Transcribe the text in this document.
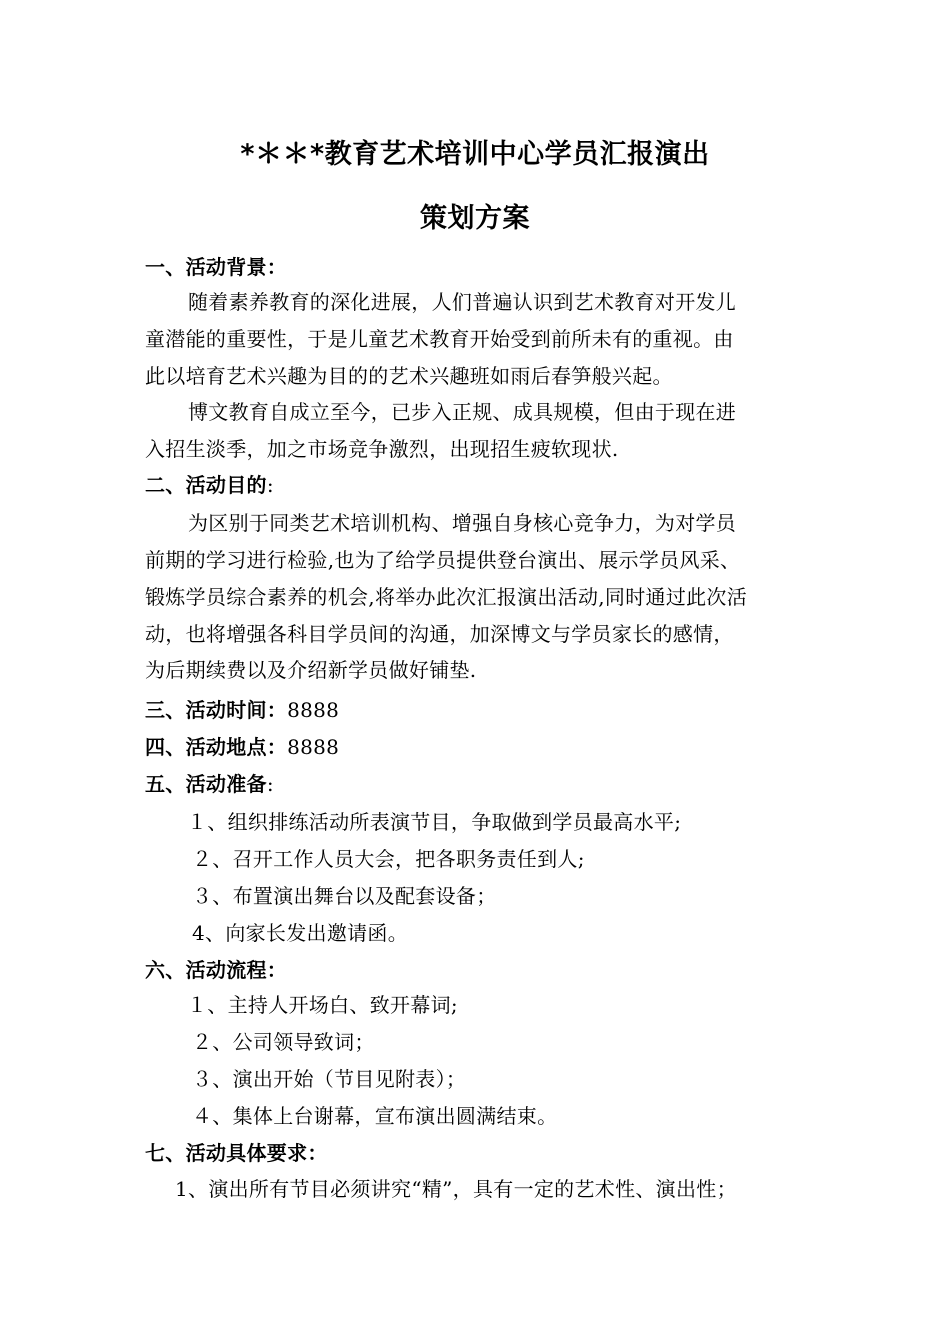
*＊＊*教育艺术培训中心学员汇报演出
策划方案
一、活动背景：
随着素养教育的深化进展，人们普遍认识到艺术教育对开发儿
童潜能的重要性，于是儿童艺术教育开始受到前所未有的重视。由
此以培育艺术兴趣为目的的艺术兴趣班如雨后春笋般兴起。
博文教育自成立至今，已步入正规、成具规模，但由于现在进
入招生淡季，加之市场竞争激烈，出现招生疲软现状.
二、活动目的:
为区别于同类艺术培训机构、增强自身核心竞争力，为对学员
前期的学习进行检验,也为了给学员提供登台演出、展示学员风采、
锻炼学员综合素养的机会,将举办此次汇报演出活动,同时通过此次活
动，也将增强各科目学员间的沟通，加深博文与学员家长的感情，
为后期续费以及介绍新学员做好铺垫.
三、活动时间：8888
四、活动地点：8888
五、活动准备:
１、组织排练活动所表演节目，争取做到学员最高水平;
２、召开工作人员大会，把各职务责任到人;
３、布置演出舞台以及配套设备；
4、向家长发出邀请函。
六、活动流程：
１、主持人开场白、致开幕词;
２、公司领导致词；
３、演出开始（节目见附表）；
４、集体上台谢幕，宣布演出圆满结束。
七、活动具体要求：
1、演出所有节目必须讲究“精”，具有一定的艺术性、演出性；
